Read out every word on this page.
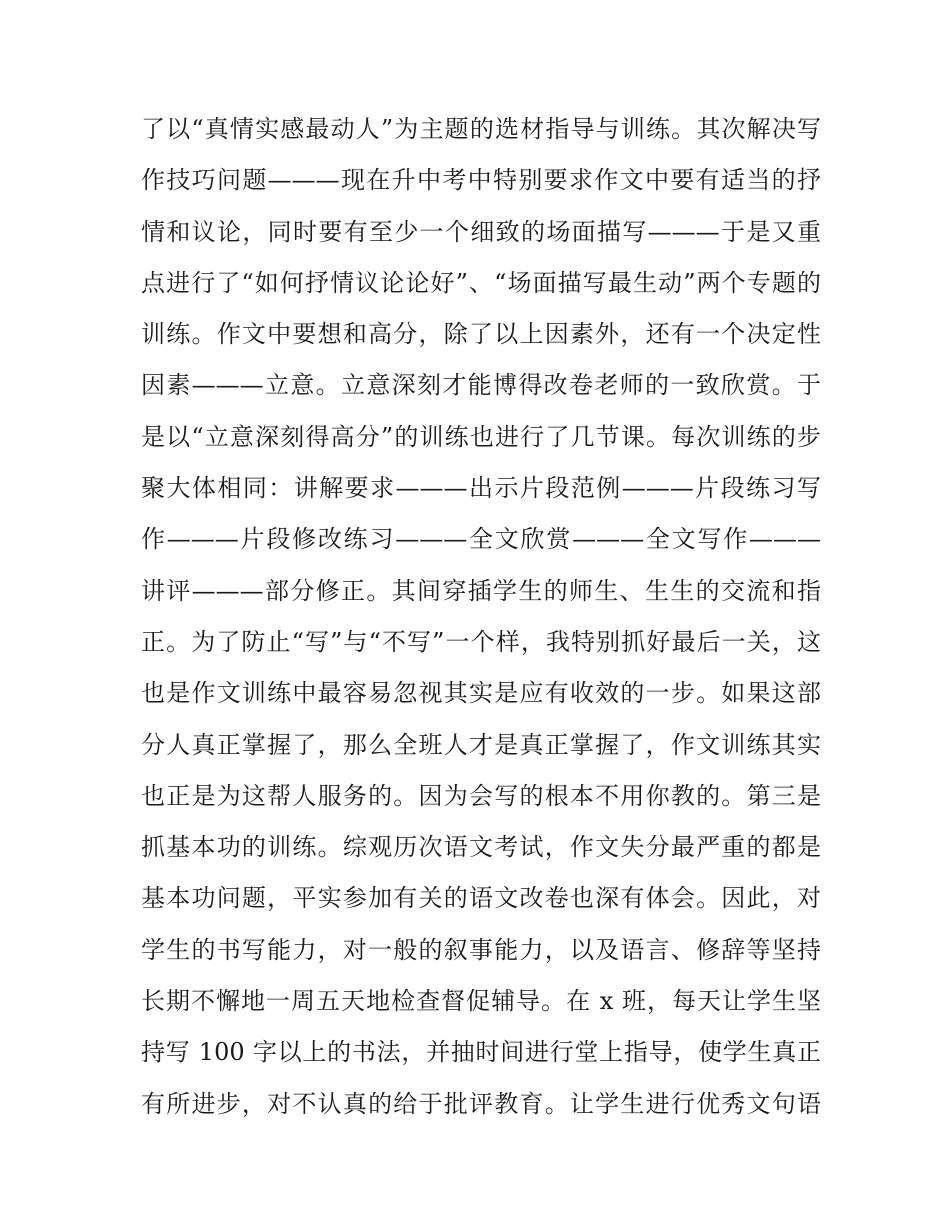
了以“真情实感最动人”为主题的选材指导与训练。其次解决写
作技巧问题———现在升中考中特别要求作文中要有适当的抒
情和议论，同时要有至少一个细致的场面描写———于是又重
点进行了“如何抒情议论论好”、“场面描写最生动”两个专题的
训练。作文中要想和高分，除了以上因素外，还有一个决定性
因素———立意。立意深刻才能博得改卷老师的一致欣赏。于
是以“立意深刻得高分”的训练也进行了几节课。每次训练的步
聚大体相同：讲解要求———出示片段范例———片段练习写
作———片段修改练习———全文欣赏———全文写作———
讲评———部分修正。其间穿插学生的师生、生生的交流和指
正。为了防止“写”与“不写”一个样，我特别抓好最后一关，这
也是作文训练中最容易忽视其实是应有收效的一步。如果这部
分人真正掌握了，那么全班人才是真正掌握了，作文训练其实
也正是为这帮人服务的。因为会写的根本不用你教的。第三是
抓基本功的训练。综观历次语文考试，作文失分最严重的都是
基本功问题，平实参加有关的语文改卷也深有体会。因此，对
学生的书写能力，对一般的叙事能力，以及语言、修辞等坚持
长期不懈地一周五天地检查督促辅导。在 x 班，每天让学生坚
持写 100 字以上的书法，并抽时间进行堂上指导，使学生真正
有所进步，对不认真的给于批评教育。让学生进行优秀文句语
